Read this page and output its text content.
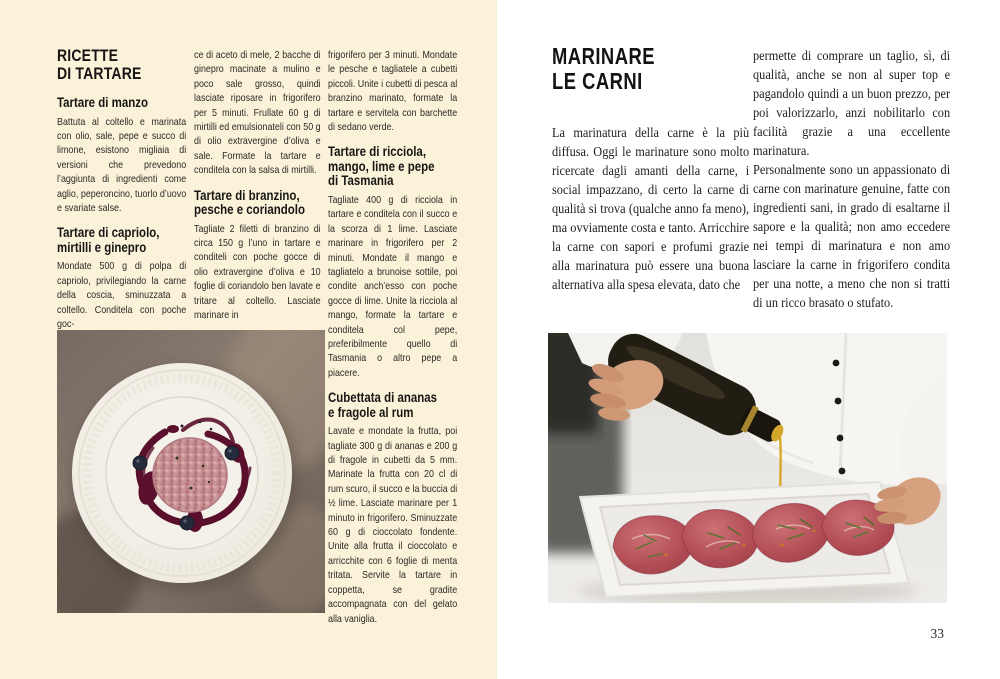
RICETTE
DI TARTARE
Tartare di manzo

Battuta al coltello e marinata con olio, sale, pepe e succo di limone, esistono migliaia di versioni che prevedono l’aggiunta di ingredienti come aglio, peperoncino, tuorlo d’uovo e svariate salse.

Tartare di capriolo,
mirtilli e ginepro

Mondate 500 g di polpa di capriolo, privilegiando la carne della coscia, sminuzzata a coltello. Conditela con poche goc-

ce di aceto di mele, 2 bacche di ginepro macinate a mulino e poco sale grosso, quindi lasciate riposare in frigorifero per 5 minuti. Frullate 60 g di mirtilli ed emulsionateli con 50 g di olio extravergine d’oliva e sale. Formate la tartare e conditela con la salsa di mirtilli.

Tartare di branzino,
pesche e coriandolo

Tagliate 2 filetti di branzino di circa 150 g l’uno in tartare e conditeli con poche gocce di olio extravergine d’oliva e 10 foglie di coriandolo ben lavate e tritare al coltello. Lasciate marinare in

frigorifero per 3 minuti. Mondate le pesche e tagliatele a cubetti piccoli. Unite i cubetti di pesca al branzino marinato, formate la tartare e servitela con barchette di sedano verde.

Tartare di ricciola,
mango, lime e pepe
di Tasmania

Tagliate 400 g di ricciola in tartare e conditela con il succo e la scorza di 1 lime. Lasciate marinare in frigorifero per 2 minuti. Mondate il mango e tagliatelo a brunoise sottile, poi condite anch’esso con poche gocce di lime. Unite la ricciola al mango, formate la tartare e conditela col pepe, preferibilmente quello di Tasmania o altro pepe a piacere.

Cubettata di ananas
e fragole al rum

Lavate e mondate la frutta, poi tagliate 300 g di ananas e 200 g di fragole in cubetti da 5 mm. Marinate la frutta con 20 cl di rum scuro, il succo e la buccia di ½ lime. Lasciate marinare per 1 minuto in frigorifero. Sminuzzate 60 g di cioccolato fondente. Unite alla frutta il cioccolato e arricchite con 6 foglie di menta tritata. Servite la tartare in coppetta, se gradite accompagnata con del gelato alla vaniglia.

MARINARE
LE CARNI

La marinatura della carne è la più diffusa. Oggi le marinature sono molto ricercate dagli amanti della carne, i social impazzano, di certo la carne di qualità si trova (qualche anno fa meno), ma ovviamente costa e tanto. Arricchire la carne con sapori e profumi grazie alla marinatura può essere una buona alternativa alla spesa elevata, dato che

permette di comprare un taglio, sì, di qualità, anche se non al super top e pagandolo quindi a un buon prezzo, per poi valorizzarlo, anzi nobilitarlo con facilità grazie a una eccellente marinatura.

Personalmente sono un appassionato di carne con marinature genuine, fatte con ingredienti sani, in grado di esaltarne il sapore e la qualità; non amo eccedere nei tempi di marinatura e non amo lasciare la carne in frigorifero condita per una notte, a meno che non si tratti di un ricco brasato o stufato.

33
